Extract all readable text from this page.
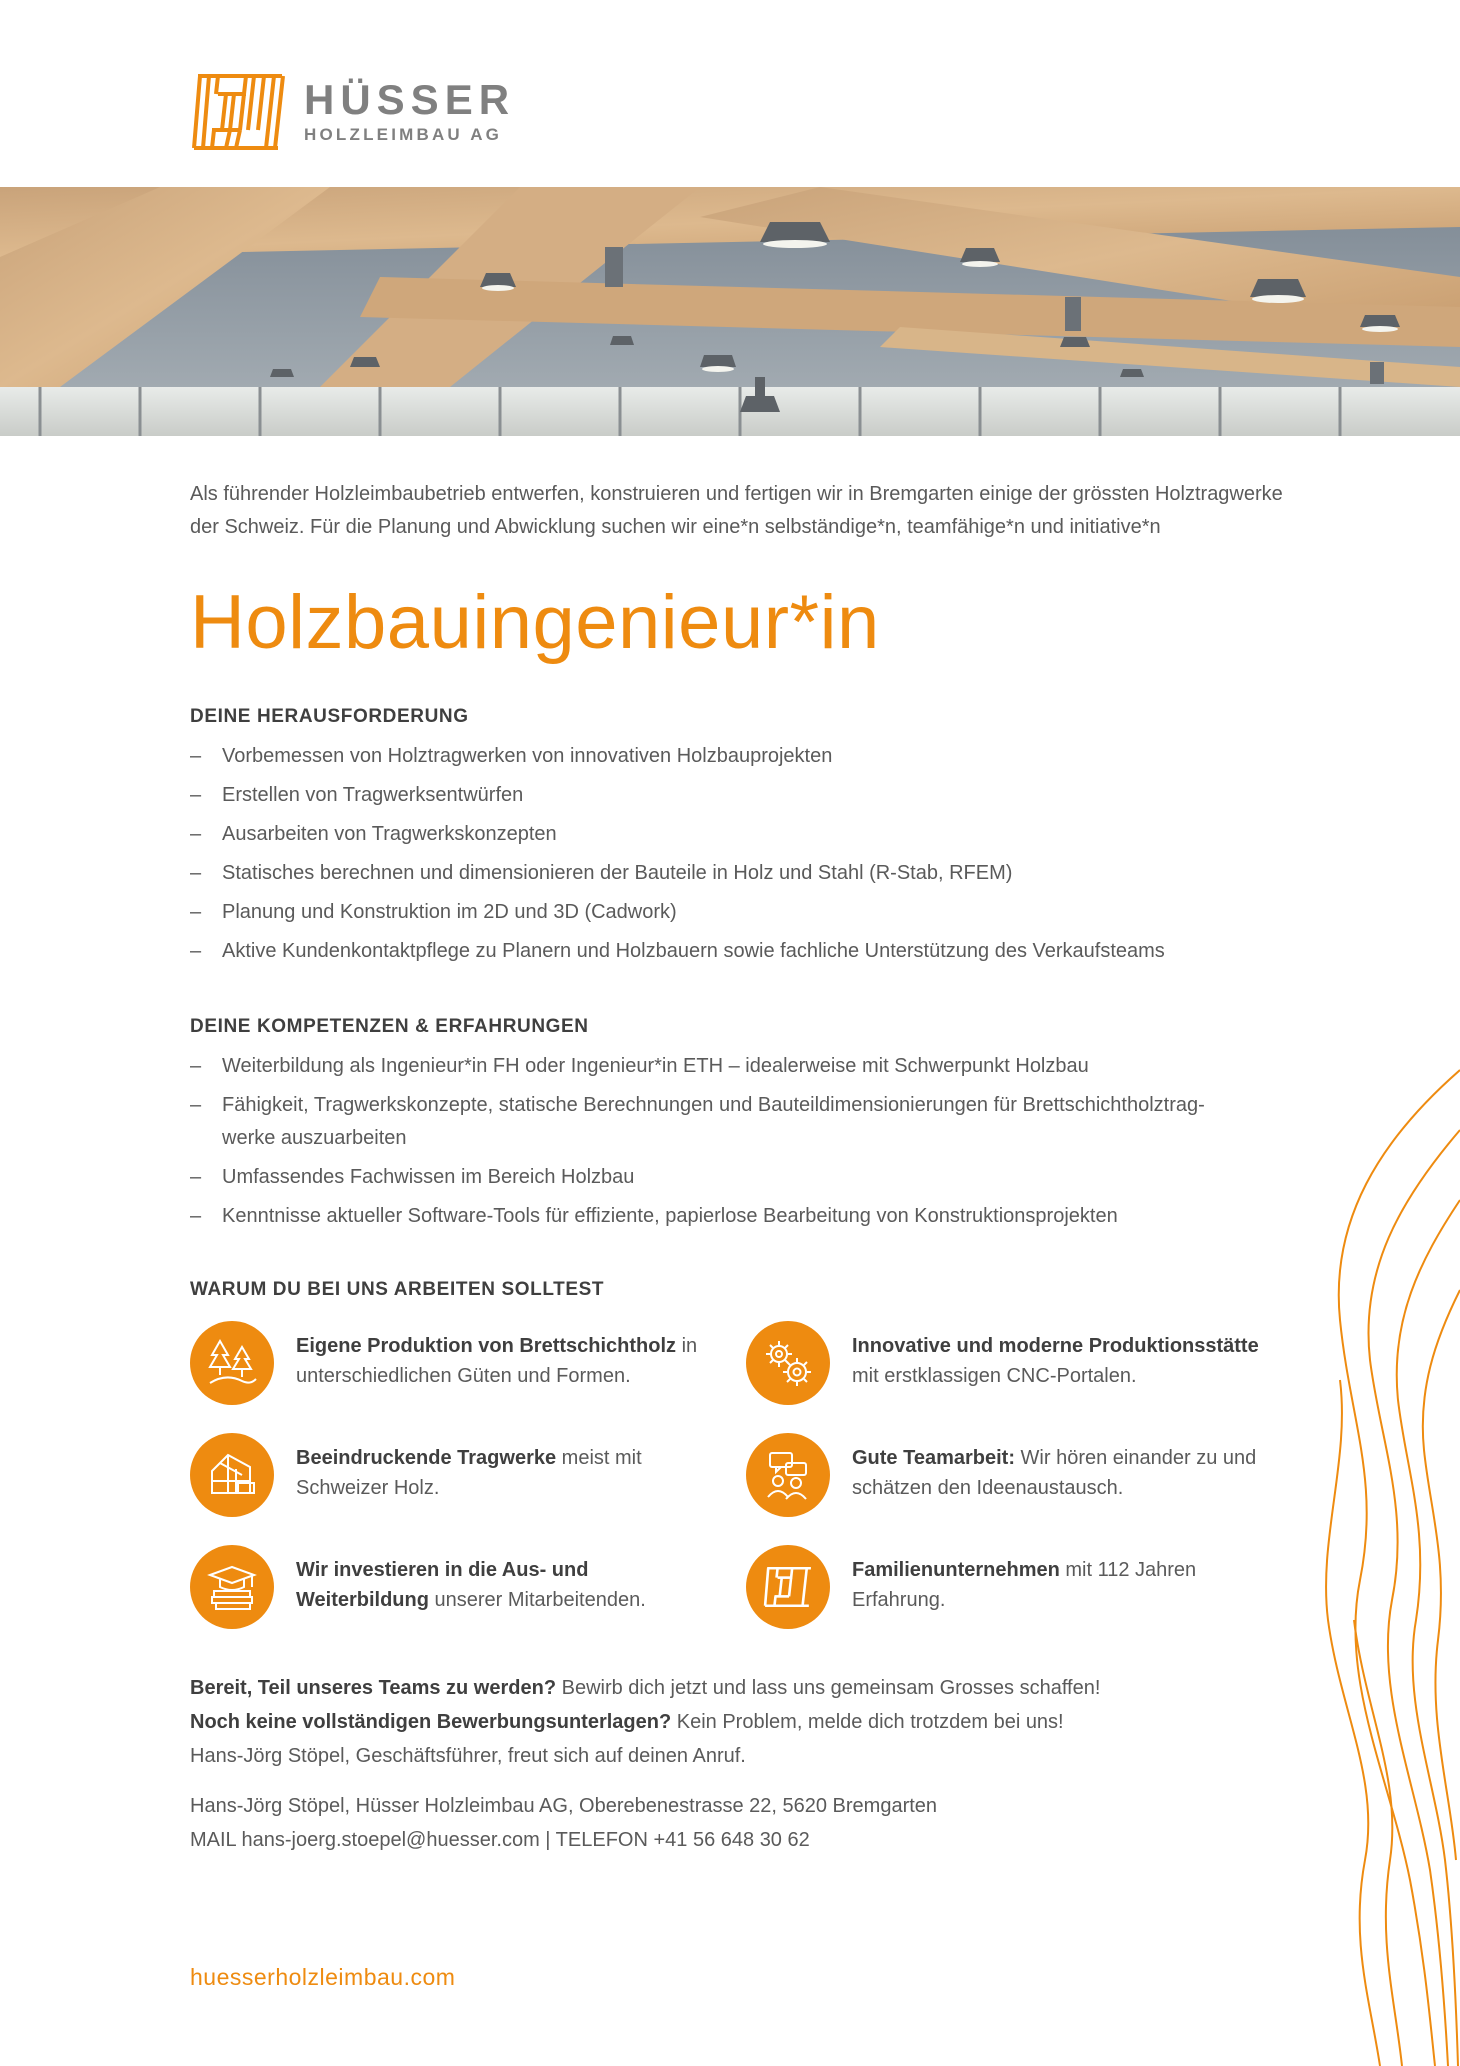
HÜSSER
HOLZLEIMBAU AG

Als führender Holzleimbaubetrieb entwerfen, konstruieren und fertigen wir in Bremgarten einige der grössten Holztragwerke der Schweiz. Für die Planung und Abwicklung suchen wir eine*n selbständige*n, teamfähige*n und initiative*n

Holzbauingenieur*in
DEINE HERAUSFORDERUNG
– Vorbemessen von Holztragwerken von innovativen Holzbauprojekten
– Erstellen von Tragwerksentwürfen
– Ausarbeiten von Tragwerkskonzepten
– Statisches berechnen und dimensionieren der Bauteile in Holz und Stahl (R-Stab, RFEM)
– Planung und Konstruktion im 2D und 3D (Cadwork)
– Aktive Kundenkontaktpflege zu Planern und Holzbauern sowie fachliche Unterstützung des Verkaufsteams
DEINE KOMPETENZEN & ERFAHRUNGEN
– Weiterbildung als Ingenieur*in FH oder Ingenieur*in ETH – idealerweise mit Schwerpunkt Holzbau
– Fähigkeit, Tragwerkskonzepte, statische Berechnungen und Bauteildimensionierungen für Brettschichtholztragwerke auszuarbeiten
– Umfassendes Fachwissen im Bereich Holzbau
– Kenntnisse aktueller Software-Tools für effiziente, papierlose Bearbeitung von Konstruktionsprojekten
WARUM DU BEI UNS ARBEITEN SOLLTEST
Eigene Produktion von Brettschichtholz in unterschiedlichen Güten und Formen.
Innovative und moderne Produktionsstätte mit erstklassigen CNC-Portalen.
Beeindruckende Tragwerke meist mit Schweizer Holz.
Gute Teamarbeit: Wir hören einander zu und schätzen den Ideenaustausch.
Wir investieren in die Aus- und Weiterbildung unserer Mitarbeitenden.
Familienunternehmen mit 112 Jahren Erfahrung.
Bereit, Teil unseres Teams zu werden? Bewirb dich jetzt und lass uns gemeinsam Grosses schaffen!
Noch keine vollständigen Bewerbungsunterlagen? Kein Problem, melde dich trotzdem bei uns!
Hans-Jörg Stöpel, Geschäftsführer, freut sich auf deinen Anruf.
Hans-Jörg Stöpel, Hüsser Holzleimbau AG, Oberebenestrasse 22, 5620 Bremgarten
MAIL hans-joerg.stoepel@huesser.com | TELEFON +41 56 648 30 62
huesserholzleimbau.com
